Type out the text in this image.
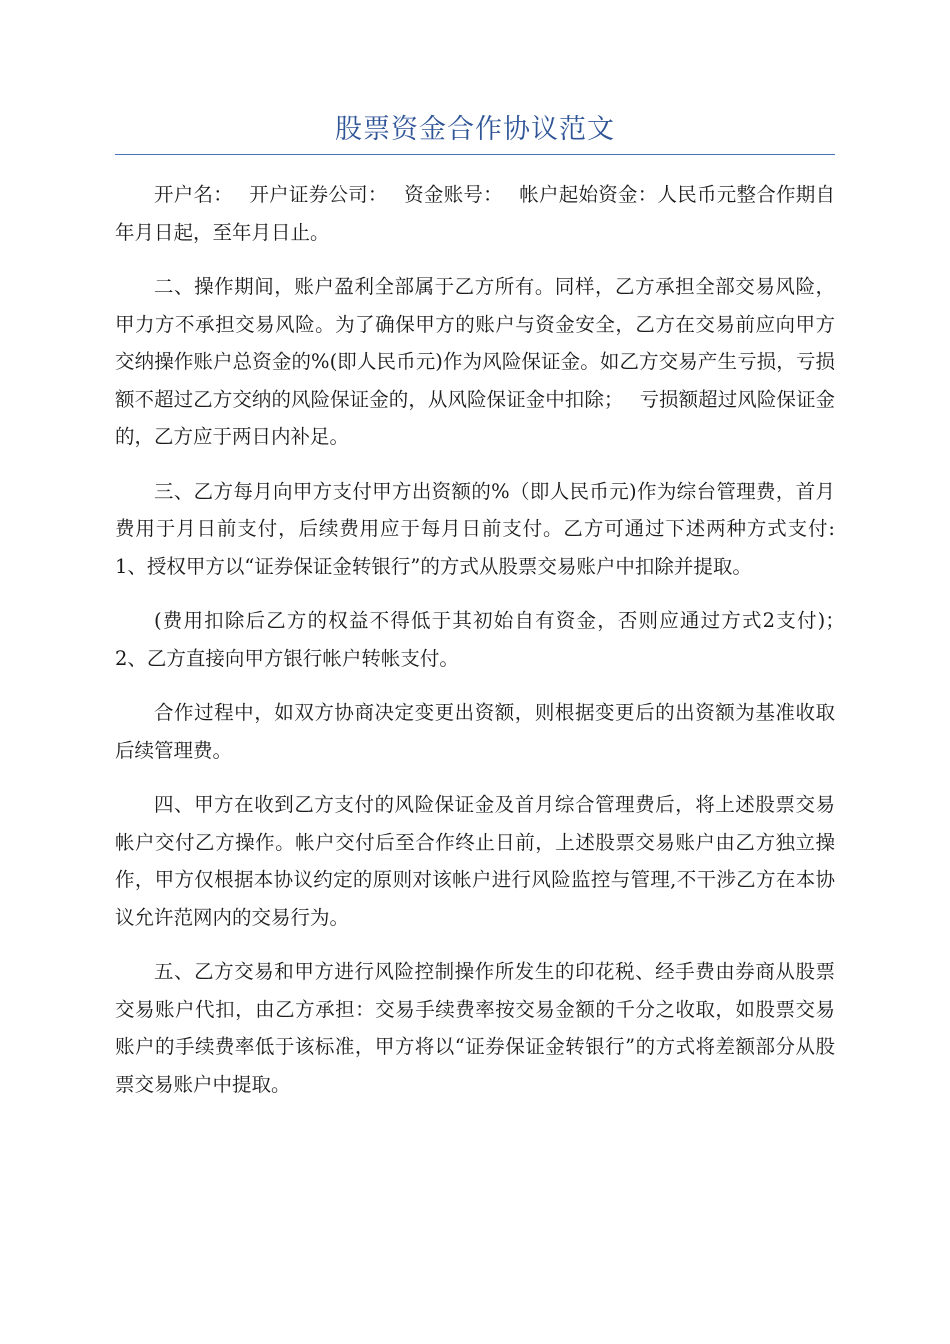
股票资金合作协议范文

开户名：　 开户证券公司：　 资金账号：　 帐户起始资金：人民币元整合作期自年月日起，至年月日止。

二、操作期间，账户盈利全部属于乙方所有。同样，乙方承担全部交易风险，甲力方不承担交易风险。为了确保甲方的账户与资金安全，乙方在交易前应向甲方交纳操作账户总资金的%(即人民币元)作为风险保证金。如乙方交易产生亏损，亏损额不超过乙方交纳的风险保证金的，从风险保证金中扣除；　 亏损额超过风险保证金的，乙方应于两日内补足。

三、乙方每月向甲方支付甲方出资额的%（即人民币元)作为综台管理费，首月费用于月日前支付，后续费用应于每月日前支付。乙方可通过下述两种方式支付:1、授权甲方以“证券保证金转银行”的方式从股票交易账户中扣除并提取。

(费用扣除后乙方的权益不得低于其初始自有资金，否则应通过方式2支付)；　　2、乙方直接向甲方银行帐户转帐支付。

合作过程中，如双方协商决定变更出资额，则根据变更后的出资额为基准收取后续管理费。

四、甲方在收到乙方支付的风险保证金及首月综合管理费后，将上述股票交易帐户交付乙方操作。帐户交付后至合作终止日前，上述股票交易账户由乙方独立操作，甲方仅根据本协议约定的原则对该帐户进行风险监控与管理,不干涉乙方在本协议允许范网内的交易行为。

五、乙方交易和甲方进行风险控制操作所发生的印花税、经手费由券商从股票交易账户代扣，由乙方承担：交易手续费率按交易金额的千分之收取，如股票交易账户的手续费率低于该标准，甲方将以“证券保证金转银行”的方式将差额部分从股票交易账户中提取。
